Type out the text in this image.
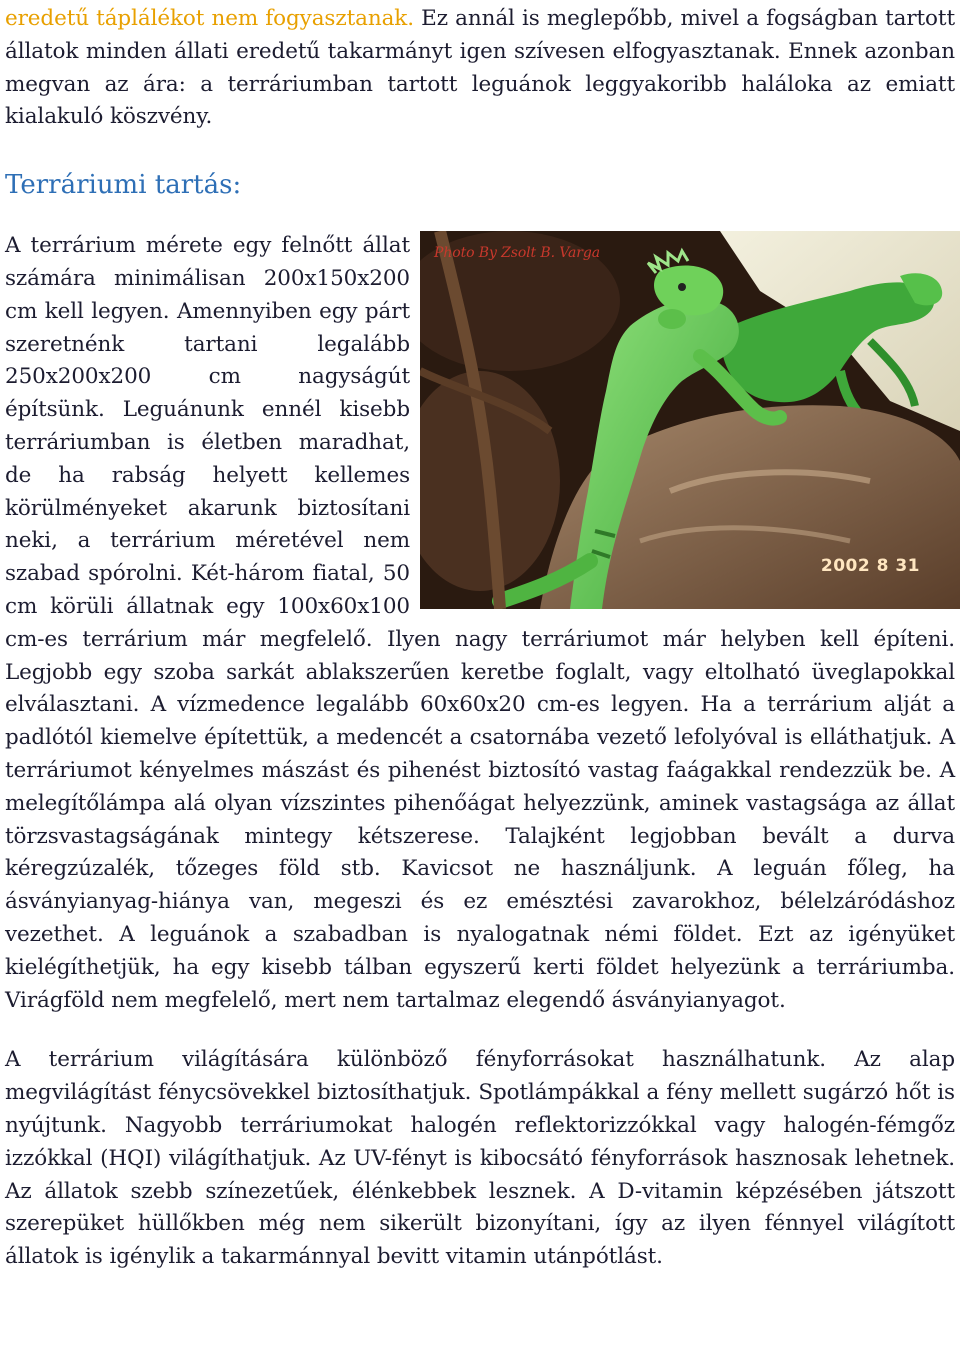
eredetű táplálékot nem fogyasztanak. Ez annál is meglepőbb, mivel a fogságban tartott állatok minden állati eredetű takarmányt igen szívesen elfogyasztanak. Ennek azonban megvan az ára: a terráriumban tartott leguánok leggyakoribb haláloka az emiatt kialakuló köszvény.

Terráriumi tartás:
Photo By Zsolt B. Varga
2002 8 31
A terrárium mérete egy felnőtt állat számára minimálisan 200x150x200 cm kell legyen. Amennyiben egy párt szeretnénk tartani legalább 250x200x200 cm nagyságút építsünk. Leguánunk ennél kisebb terráriumban is életben maradhat, de ha rabság helyett kellemes körülményeket akarunk biztosítani neki, a terrárium méretével nem szabad spórolni. Két-három fiatal, 50 cm körüli állatnak egy 100x60x100 cm-es terrárium már megfelelő. Ilyen nagy terráriumot már helyben kell építeni. Legjobb egy szoba sarkát ablakszerűen keretbe foglalt, vagy eltolható üveglapokkal elválasztani. A vízmedence legalább 60x60x20 cm-es legyen. Ha a terrárium alját a padlótól kiemelve építettük, a medencét a csatornába vezető lefolyóval is elláthatjuk. A terráriumot kényelmes mászást és pihenést biztosító vastag faágakkal rendezzük be. A melegítőlámpa alá olyan vízszintes pihenőágat helyezzünk, aminek vastagsága az állat törzsvastagságának mintegy kétszerese. Talajként legjobban bevált a durva kéregzúzalék, tőzeges föld stb. Kavicsot ne használjunk. A leguán főleg, ha ásványianyag-hiánya van, megeszi és ez emésztési zavarokhoz, bélelzáródáshoz vezethet. A leguánok a szabadban is nyalogatnak némi földet. Ezt az igényüket kielégíthetjük, ha egy kisebb tálban egyszerű kerti földet helyezünk a terráriumba. Virágföld nem megfelelő, mert nem tartalmaz elegendő ásványianyagot.

A terrárium világítására különböző fényforrásokat használhatunk. Az alap megvilágítást fénycsövekkel biztosíthatjuk. Spotlámpákkal a fény mellett sugárzó hőt is nyújtunk. Nagyobb terráriumokat halogén reflektorizzókkal vagy halogén-fémgőz izzókkal (HQI) világíthatjuk. Az UV-fényt is kibocsátó fényforrások hasznosak lehetnek. Az állatok szebb színezetűek, élénkebbek lesznek. A D-vitamin képzésében játszott szerepüket hüllőkben még nem sikerült bizonyítani, így az ilyen fénnyel világított állatok is igénylik a takarmánnyal bevitt vitamin utánpótlást.
